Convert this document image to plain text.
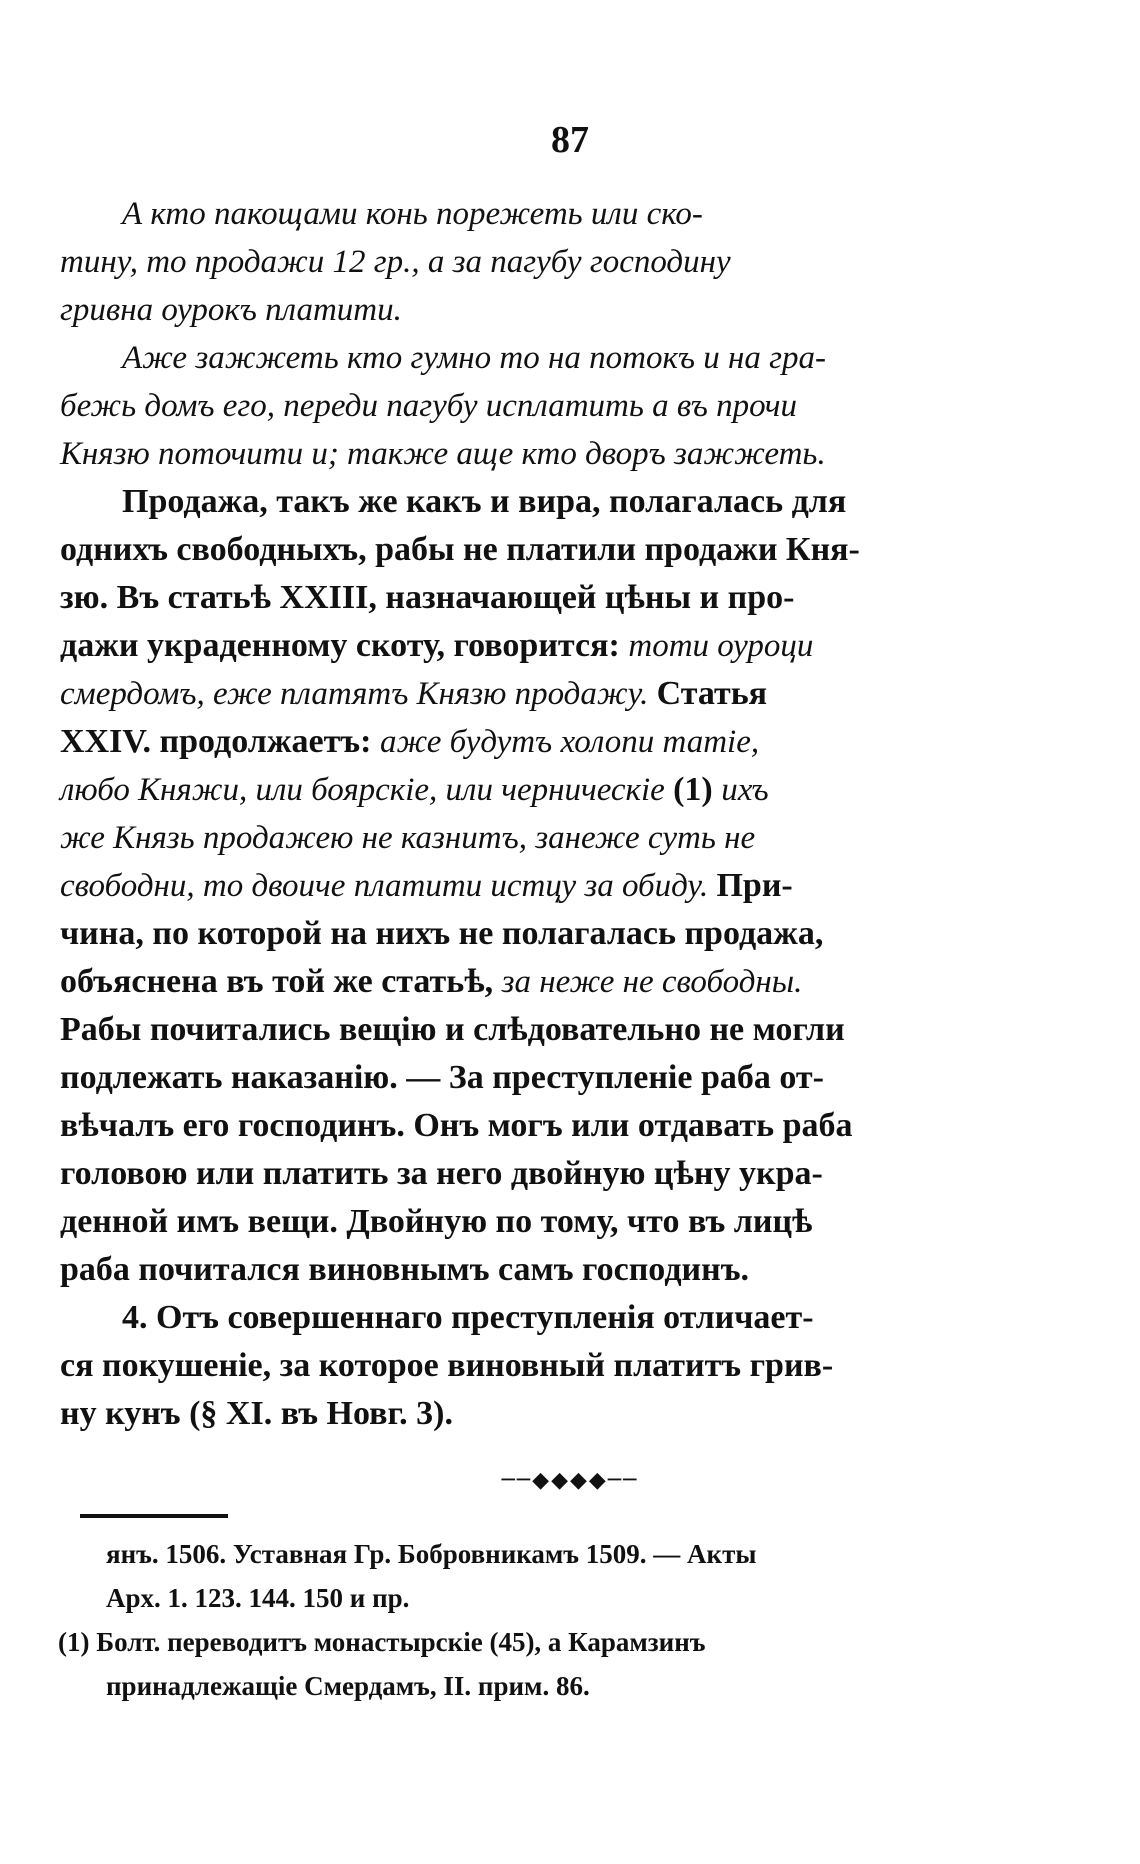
87
А кто пакощами конь порежеть или ско-
тину, то продажи 12 гр., а за пагубу господину
гривна оурокъ платити.
Аже зажжеть кто гумно то на потокъ и на гра-
бежь домъ его, переди пагубу исплатить а въ прочи
Князю поточити и; также аще кто дворъ зажжеть.
Продажа, такъ же какъ и вира, полагалась для
однихъ свободныхъ, рабы не платили продажи Кня-
зю. Въ статьѣ XXIII, назначающей цѣны и про-
дажи украденному скоту, говорится: тоти оуроци
смердомъ, еже платятъ Князю продажу. Статья
XXIV. продолжаетъ: аже будутъ холопи татіе,
любо Княжи, или боярскіе, или черническіе (1) ихъ
же Князь продажею не казнитъ, занеже суть не
свободни, то двоиче платити истцу за обиду. При-
чина, по которой на нихъ не полагалась продажа,
объяснена въ той же статьѣ, за неже не свободны.
Рабы почитались вещію и слѣдовательно не могли
подлежать наказанію. — За преступленіе раба от-
вѣчалъ его господинъ. Онъ могъ или отдавать раба
головою или платить за него двойную цѣну укра-
денной имъ вещи. Двойную по тому, что въ лицѣ
раба почитался виновнымъ самъ господинъ.
4. Отъ совершеннаго преступленія отличает-
ся покушеніе, за которое виновный платитъ грив-
ну кунъ (§ XI. въ Новг. 3).
──◆◆◆◆──
янъ. 1506. Уставная Гр. Бобровникамъ 1509. — Акты
Арх. 1. 123. 144. 150 и пр.
(1) Болт. переводитъ монастырскіе (45), а Карамзинъ
принадлежащіе Смердамъ, II. прим. 86.
